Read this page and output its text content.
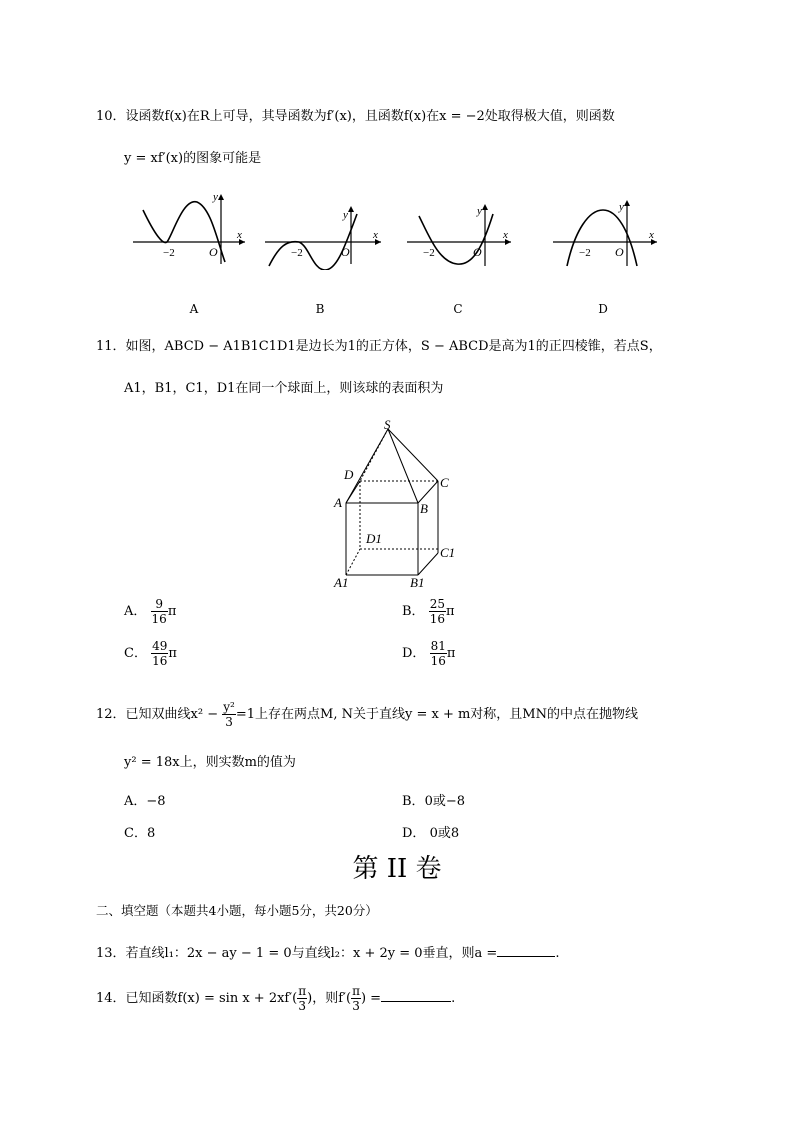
10．设函数f(x)在R上可导，其导函数为f′(x)，且函数f(x)在x = −2处取得极大值，则函数
y = xf′(x)的图象可能是
−2	O
x
y
−2	O
x
y
−2	O
x
y
−2 O
x
y
A	B	C	D
11．如图，ABCD − A1B1C1D1是边长为1的正方体，S − ABCD是高为1的正四棱锥，若点S，
A1，B1，C1，D1在同一个球面上，则该球的表面积为
S
D
C
A	B
D1
C1
A1	B1
A． $\frac{9}{16}$ π	B． $\frac{25}{16}$ π
C． $\frac{49}{16}$ π	D． $\frac{81}{16}$ π
12．已知双曲线$x^2 - \frac{\text{y²}}{3} =1$上存在两点M, N关于直线y = x + m对称，且MN的中点在抛物线
y² = 18x上，则实数m的值为
A．−8	B．0或−8
C．8	D． 0或8
第 II 卷
二、填空题（本题共4小题，每小题5分，共20分）
13．若直线l₁：2x − ay − 1 = 0与直线l₂：x + 2y = 0垂直，则a =	.
14．已知函数$f(x) = \sin x + 2xf'( \frac{\pi}{3}$ )，则$f'( \frac{\pi}{3}$ ) =	.
